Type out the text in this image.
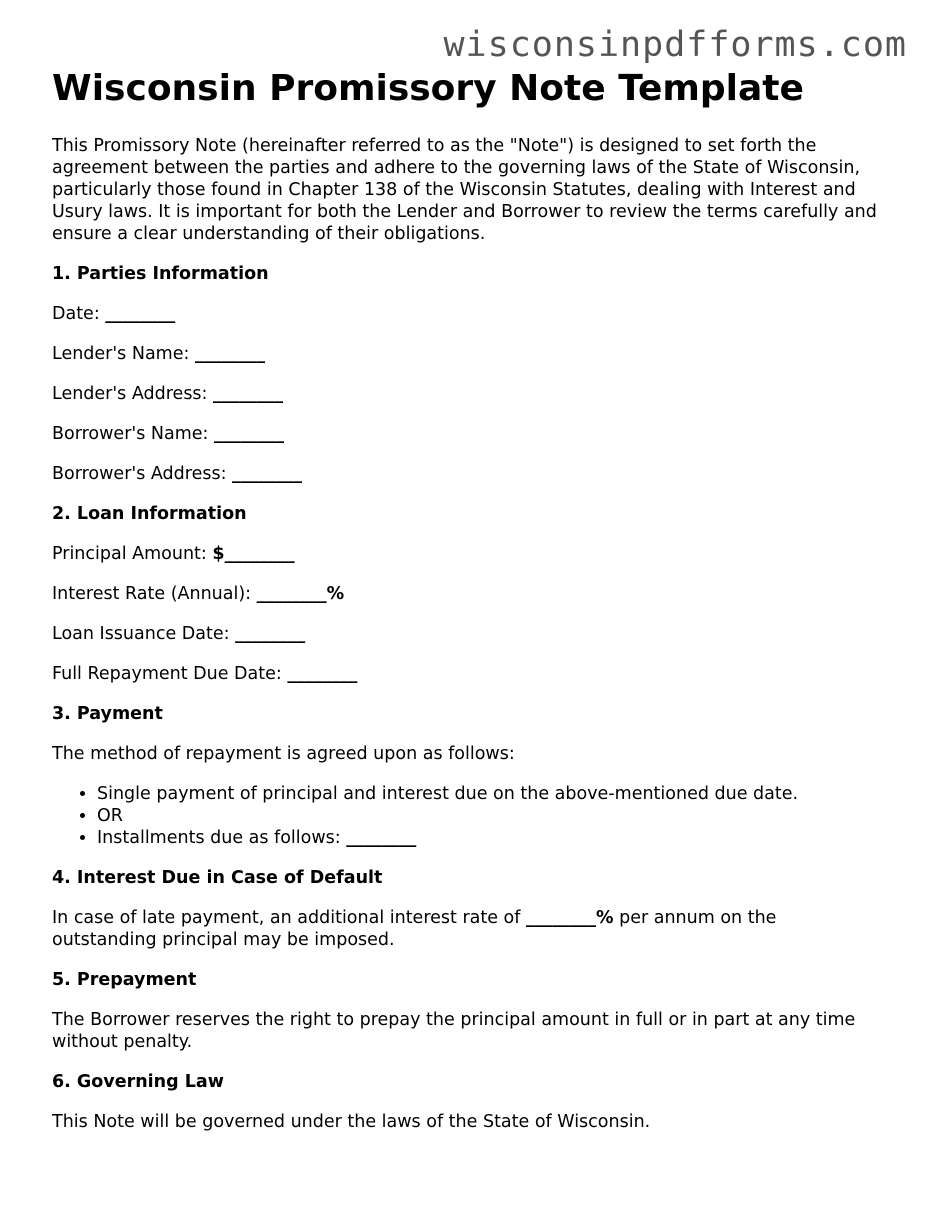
wisconsinpdfforms.com
Wisconsin Promissory Note Template

This Promissory Note (hereinafter referred to as the "Note") is designed to set forth the agreement between the parties and adhere to the governing laws of the State of Wisconsin, particularly those found in Chapter 138 of the Wisconsin Statutes, dealing with Interest and Usury laws. It is important for both the Lender and Borrower to review the terms carefully and ensure a clear understanding of their obligations.

1. Parties Information
Date: ________
Lender's Name: ________
Lender's Address: ________
Borrower's Name: ________
Borrower's Address: ________
2. Loan Information
Principal Amount: $________
Interest Rate (Annual): ________%
Loan Issuance Date: ________
Full Repayment Due Date: ________
3. Payment
The method of repayment is agreed upon as follows:
• Single payment of principal and interest due on the above-mentioned due date.
• OR
• Installments due as follows: ________
4. Interest Due in Case of Default
In case of late payment, an additional interest rate of ________% per annum on the outstanding principal may be imposed.
5. Prepayment
The Borrower reserves the right to prepay the principal amount in full or in part at any time without penalty.
6. Governing Law
This Note will be governed under the laws of the State of Wisconsin.
